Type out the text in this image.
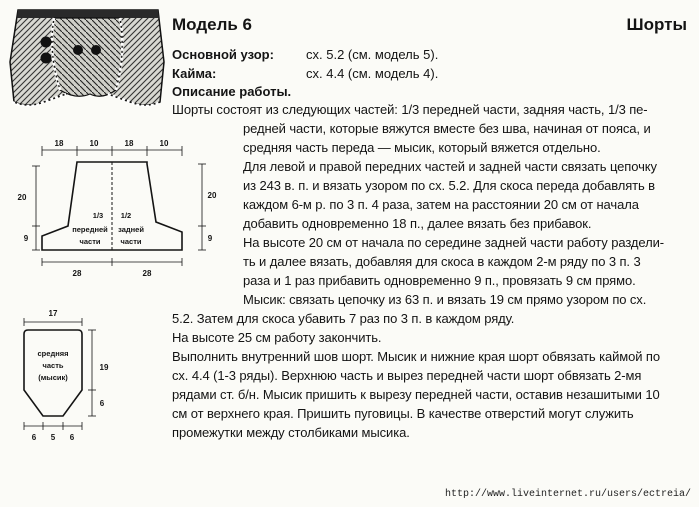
Модель 6	Шорты
Основной узор: сх. 5.2 (см. модель 5).
Кайма:	сх. 4.4 (см. модель 4).
Описание работы.
Шорты состоят из следующих частей: 1/3 передней части, задняя часть, 1/3 пе-
редней части, которые вяжутся вместе без шва, начиная от пояса, и
средняя часть переда — мысик, который вяжется отдельно.
Для левой и правой передних частей и задней части связать цепочку
из 243 в. п. и вязать узором по сх. 5.2. Для скоса переда добавлять в
каждом 6-м р. по 3 п. 4 раза, затем на расстоянии 20 см от начала
добавить одновременно 18 п., далее вязать без прибавок.
На высоте 20 см от начала по середине задней части работу раздели-
ть и далее вязать, добавляя для скоса в каждом 2-м ряду по 3 п. 3
раза и 1 раз прибавить одновременно 9 п., провязать 9 см прямо.
Мысик: связать цепочку из 63 п. и вязать 19 см прямо узором по сх.
5.2. Затем для скоса убавить 7 раз по 3 п. в каждом ряду.
На высоте 25 см работу закончить.
Выполнить внутренний шов шорт. Мысик и нижние края шорт обвязать каймой по
сх. 4.4 (1-3 ряды). Верхнюю часть и вырез передней части шорт обвязать 2-мя
рядами ст. б/н. Мысик пришить к вырезу передней части, оставив незашитыми 10
см от верхнего края. Пришить пуговицы. В качестве отверстий могут служить
промежутки между столбиками мысика.
18	10	18	10
20
9
20
9
28	28
1/3
передней
части
1/2
задней
части
17
19
6
средняя
часть
(мысик)
6 5 6
http://www.liveinternet.ru/users/ectreia/
